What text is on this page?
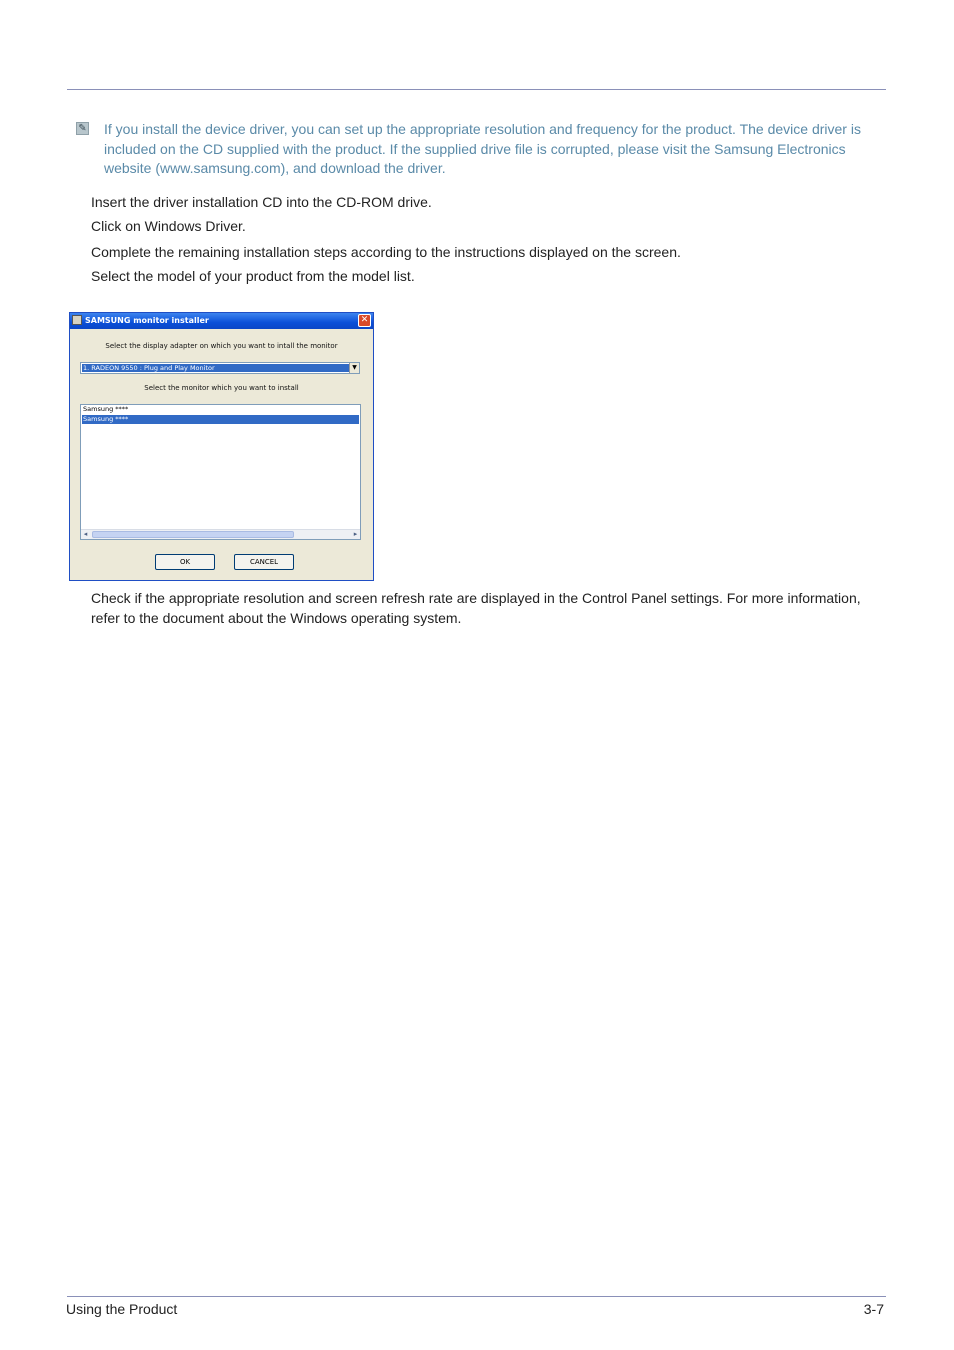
✎ If you install the device driver, you can set up the appropriate resolution and frequency for the product. The device driver is included on the CD supplied with the product. If the supplied drive file is corrupted, please visit the Samsung Electronics website (www.samsung.com), and download the driver.
Insert the driver installation CD into the CD-ROM drive.
Click on Windows Driver.
Complete the remaining installation steps according to the instructions displayed on the screen.
Select the model of your product from the model list.
SAMSUNG monitor installer	✕
Select the display adapter on which you want to intall the monitor
1. RADEON 9550 : Plug and Play Monitor	▼
Select the monitor which you want to install
Samsung ****
Samsung ****
◂	▸
OK	CANCEL
Check if the appropriate resolution and screen refresh rate are displayed in the Control Panel settings. For more information, refer to the document about the Windows operating system.
Using the Product	3-7
